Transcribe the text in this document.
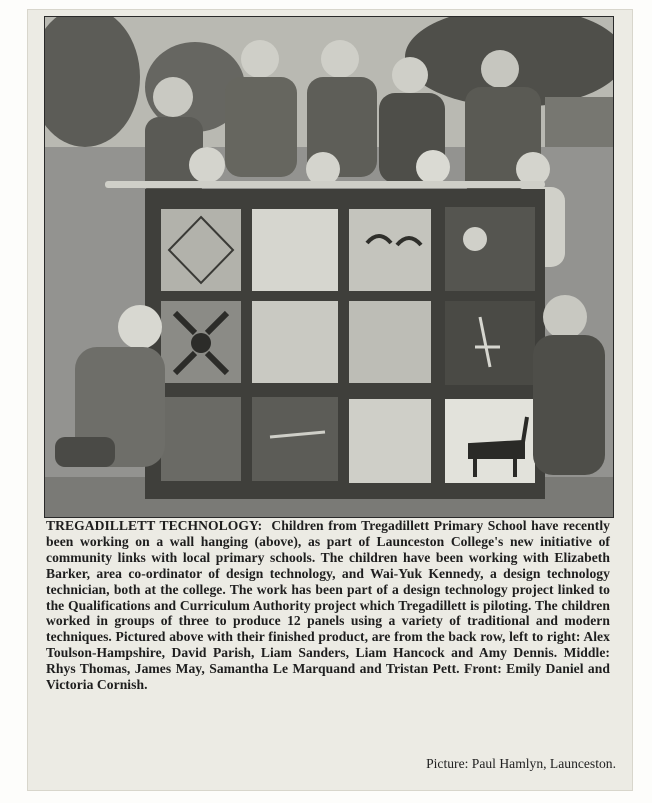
TREGADILLETT TECHNOLOGY:  Children from Tregadillett Primary School have recently been working on a wall hanging (above), as part of Launceston College's new initiative of community links with local primary schools. The children have been working with Elizabeth Barker, area co-ordinator of design technology, and Wai-Yuk Kennedy, a design technology technician, both at the college. The work has been part of a design technology project linked to the Qualifications and Curriculum Authority project which Tregadillett is piloting. The children worked in groups of three to produce 12 panels using a variety of traditional and modern techniques. Pictured above with their finished product, are from the back row, left to right: Alex Toulson-Hampshire, David Parish, Liam Sanders, Liam Hancock and Amy Dennis. Middle: Rhys Thomas, James May, Samantha Le Marquand and Tristan Pett. Front: Emily Daniel and Victoria Cornish.
Picture: Paul Hamlyn, Launceston.
